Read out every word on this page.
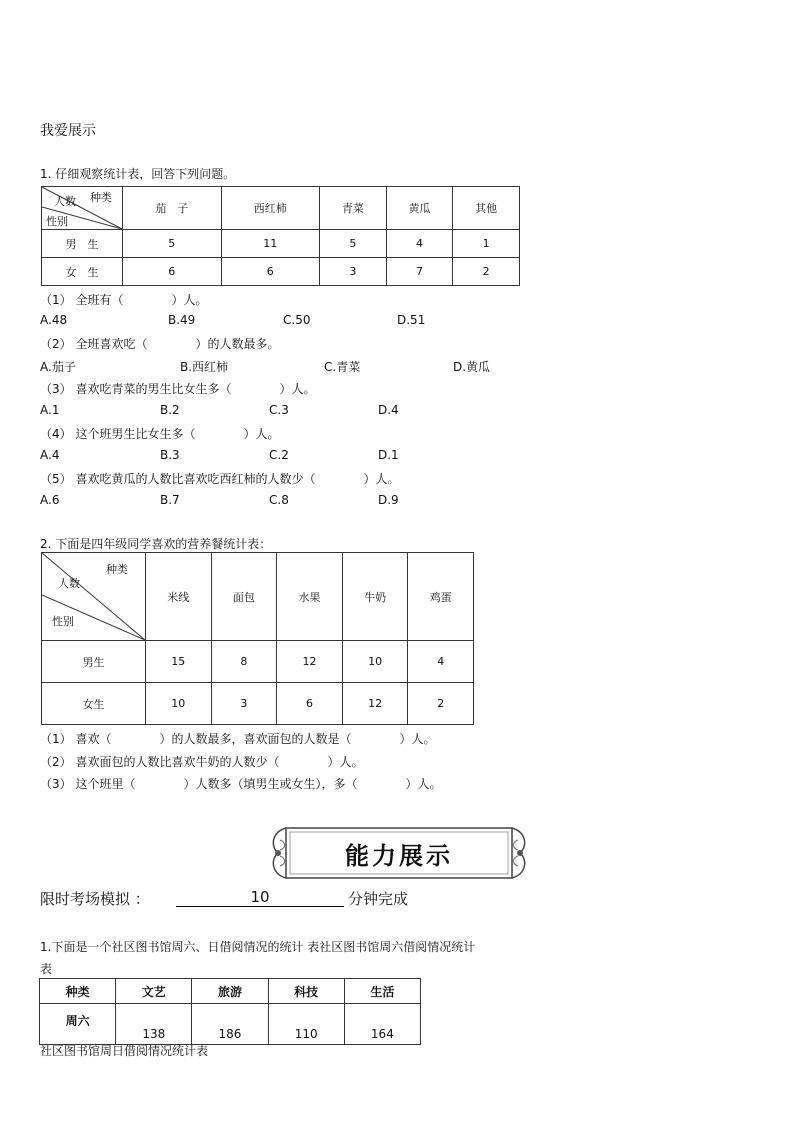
我爱展示
1. 仔细观察统计表，回答下列问题。
种类
人数
性别	茄　子	西红柿	青菜	黄瓜	其他
男　生	5	11	5	4	1
女　生	6	6	3	7	2
（1） 全班有（　　　　）人。
A.48	B.49	C.50	D.51
（2） 全班喜欢吃（　　　　）的人数最多。
A.茄子	B.西红柿	C.青菜	D.黄瓜
（3） 喜欢吃青菜的男生比女生多（　　　　）人。
A.1	B.2	C.3	D.4
（4） 这个班男生比女生多（　　　　）人。
A.4	B.3	C.2	D.1
（5） 喜欢吃黄瓜的人数比喜欢吃西红柿的人数少（　　　　）人。
A.6	B.7	C.8	D.9
2. 下面是四年级同学喜欢的营养餐统计表：
种类
人数
性别	米线	面包	水果	牛奶	鸡蛋
男生	15	8	12	10	4
女生	10	3	6	12	2
（1） 喜欢（　　　　）的人数最多，喜欢面包的人数是（　　　　）人。
（2） 喜欢面包的人数比喜欢牛奶的人数少（　　　　）人。
（3） 这个班里（　　　　）人数多（填男生或女生），多（　　　　）人。
能力展示
限时考场模拟 ：	10	分钟完成
1.下面是一个社区图书馆周六、日借阅情况的统计 表社区图书馆周六借阅情况统计
表
种类	文艺	旅游	科技	生活
周六	138	186	110	164
社区图书馆周日借阅情况统计表
